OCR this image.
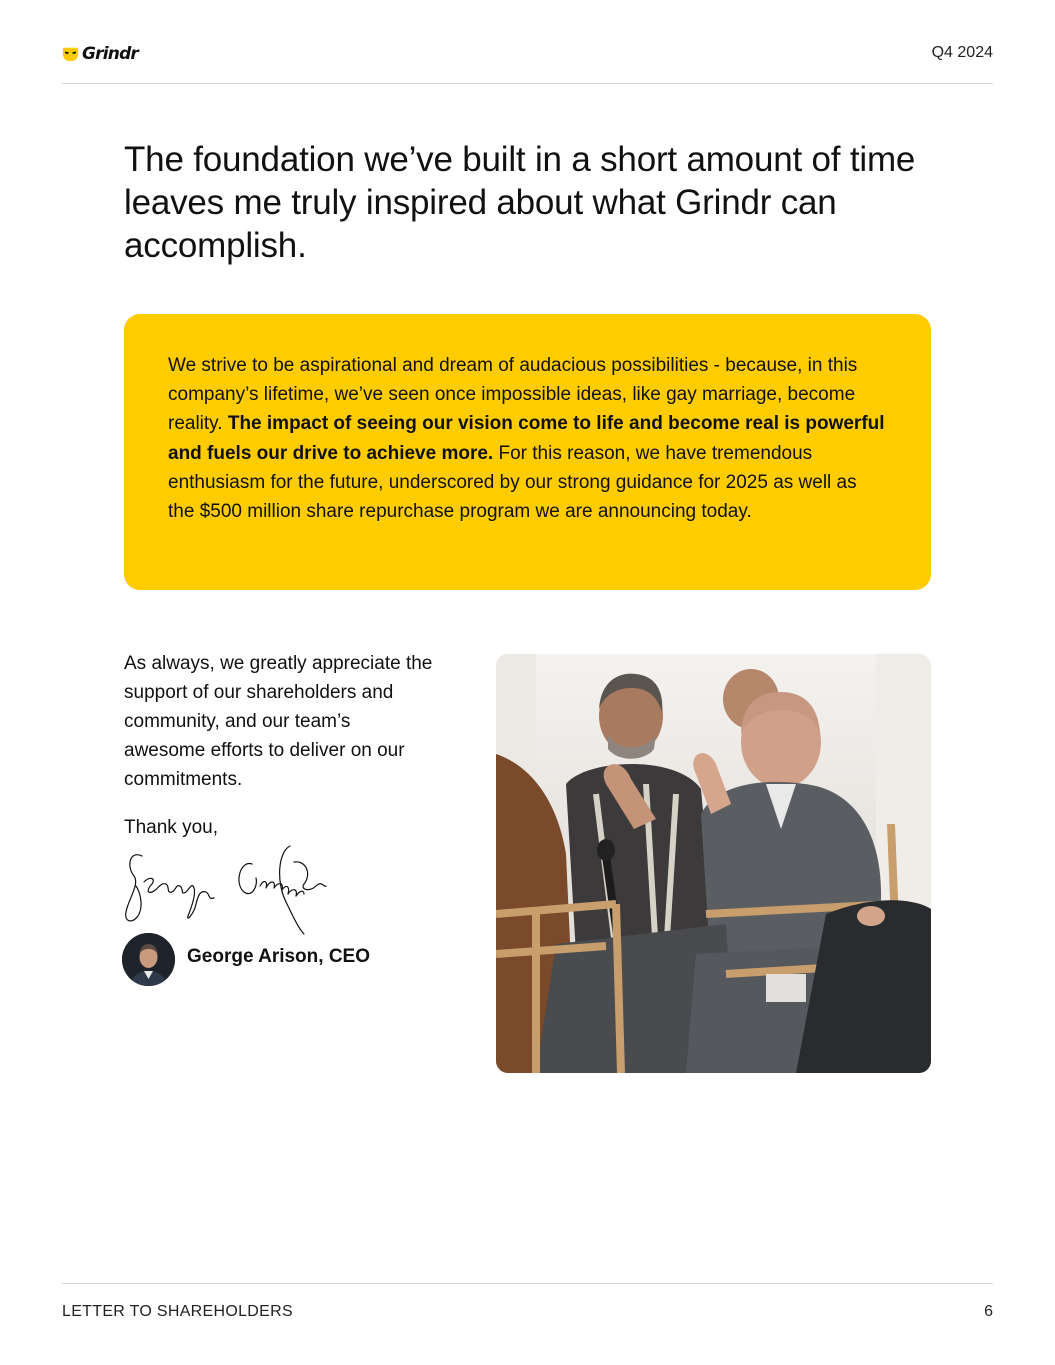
Grindr	Q4 2024
The foundation we’ve built in a short amount of time leaves me truly inspired about what Grindr can accomplish.

We strive to be aspirational and dream of audacious possibilities - because, in this company’s lifetime, we’ve seen once impossible ideas, like gay marriage, become reality. The impact of seeing our vision come to life and become real is powerful and fuels our drive to achieve more. For this reason, we have tremendous enthusiasm for the future, underscored by our strong guidance for 2025 as well as the $500 million share repurchase program we are announcing today.

As always, we greatly appreciate the support of our shareholders and community, and our team’s awesome efforts to deliver on our commitments.

Thank you,

George Arison, CEO
LETTER TO SHAREHOLDERS	6
